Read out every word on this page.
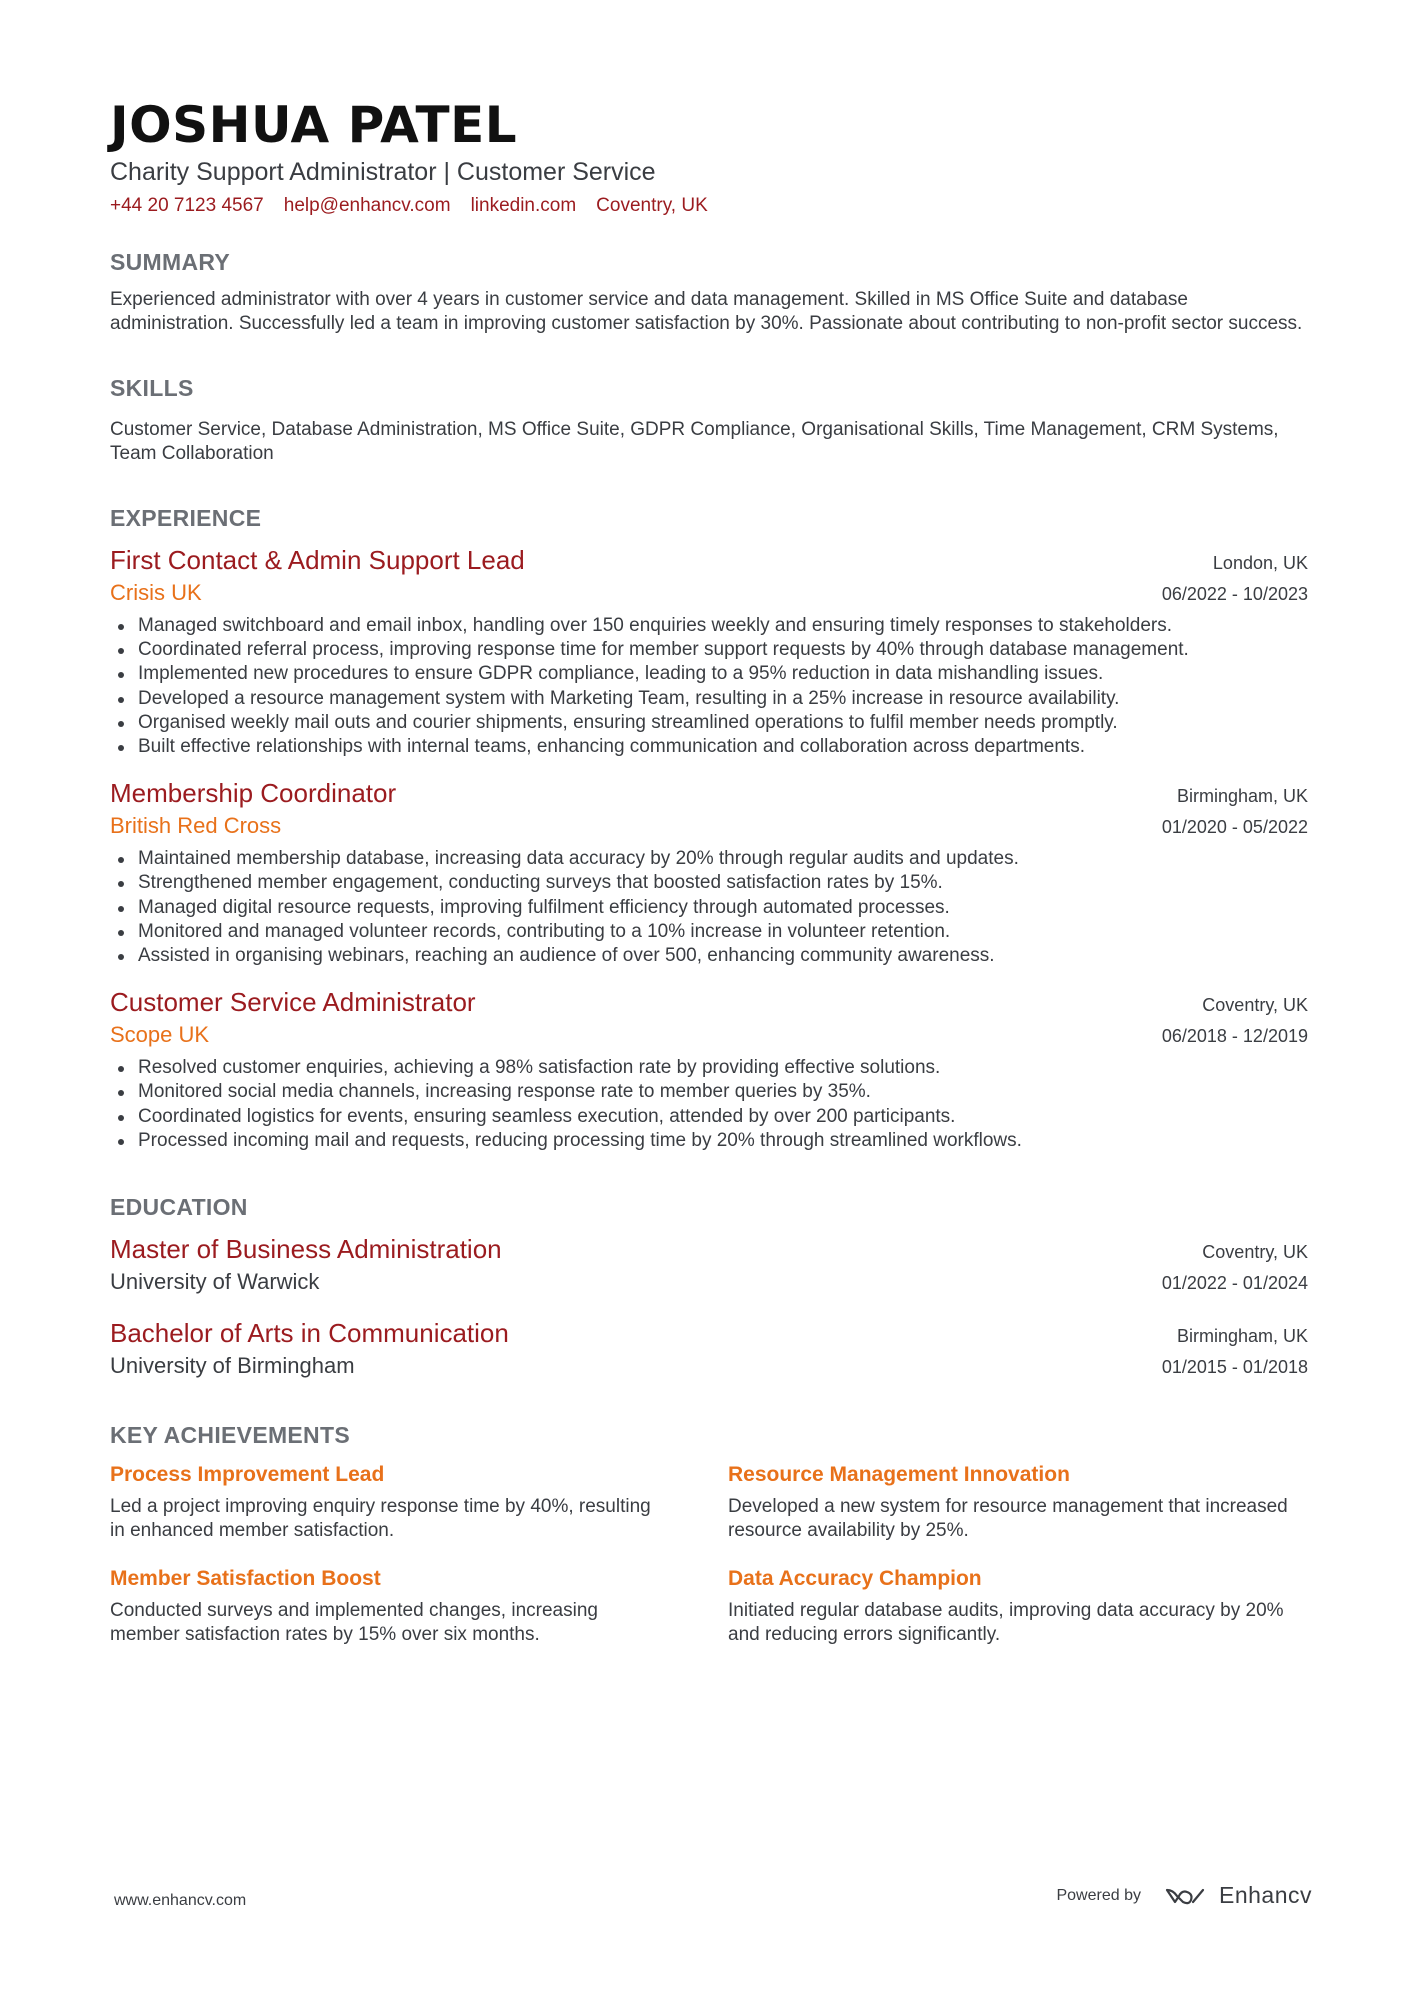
JOSHUA PATEL
Charity Support Administrator | Customer Service
+44 20 7123 4567 help@enhancv.com linkedin.com Coventry, UK
SUMMARY
Experienced administrator with over 4 years in customer service and data management. Skilled in MS Office Suite and database administration. Successfully led a team in improving customer satisfaction by 30%. Passionate about contributing to non-profit sector success.
SKILLS
Customer Service, Database Administration, MS Office Suite, GDPR Compliance, Organisational Skills, Time Management, CRM Systems, Team Collaboration
EXPERIENCE
First Contact & Admin Support Lead	London, UK
Crisis UK	06/2022 - 10/2023
Managed switchboard and email inbox, handling over 150 enquiries weekly and ensuring timely responses to stakeholders.
Coordinated referral process, improving response time for member support requests by 40% through database management.
Implemented new procedures to ensure GDPR compliance, leading to a 95% reduction in data mishandling issues.
Developed a resource management system with Marketing Team, resulting in a 25% increase in resource availability.
Organised weekly mail outs and courier shipments, ensuring streamlined operations to fulfil member needs promptly.
Built effective relationships with internal teams, enhancing communication and collaboration across departments.
Membership Coordinator	Birmingham, UK
British Red Cross	01/2020 - 05/2022
Maintained membership database, increasing data accuracy by 20% through regular audits and updates.
Strengthened member engagement, conducting surveys that boosted satisfaction rates by 15%.
Managed digital resource requests, improving fulfilment efficiency through automated processes.
Monitored and managed volunteer records, contributing to a 10% increase in volunteer retention.
Assisted in organising webinars, reaching an audience of over 500, enhancing community awareness.
Customer Service Administrator	Coventry, UK
Scope UK	06/2018 - 12/2019
Resolved customer enquiries, achieving a 98% satisfaction rate by providing effective solutions.
Monitored social media channels, increasing response rate to member queries by 35%.
Coordinated logistics for events, ensuring seamless execution, attended by over 200 participants.
Processed incoming mail and requests, reducing processing time by 20% through streamlined workflows.
EDUCATION
Master of Business Administration	Coventry, UK
University of Warwick	01/2022 - 01/2024
Bachelor of Arts in Communication	Birmingham, UK
University of Birmingham	01/2015 - 01/2018
KEY ACHIEVEMENTS
Process Improvement Lead
Led a project improving enquiry response time by 40%, resulting in enhanced member satisfaction.
Resource Management Innovation
Developed a new system for resource management that increased resource availability by 25%.
Member Satisfaction Boost
Conducted surveys and implemented changes, increasing member satisfaction rates by 15% over six months.
Data Accuracy Champion
Initiated regular database audits, improving data accuracy by 20% and reducing errors significantly.
www.enhancv.com	Powered by	Enhancv
